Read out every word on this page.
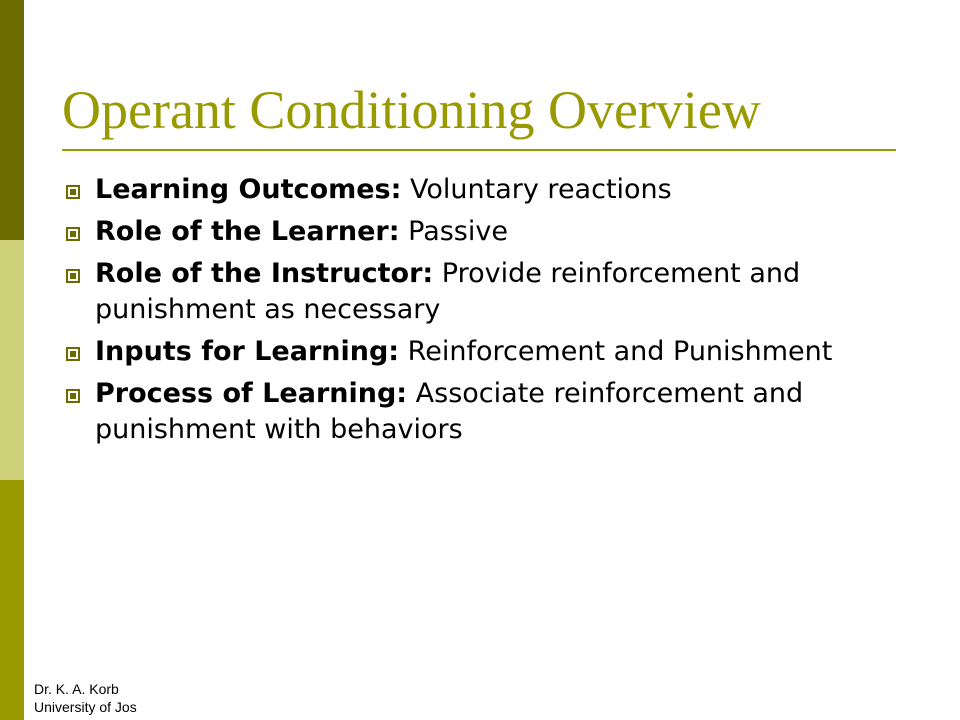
Operant Conditioning Overview
Learning Outcomes: Voluntary reactions
Role of the Learner: Passive
Role of the Instructor: Provide reinforcement and punishment as necessary
Inputs for Learning: Reinforcement and Punishment
Process of Learning: Associate reinforcement and punishment with behaviors
Dr. K. A. Korb
University of Jos
